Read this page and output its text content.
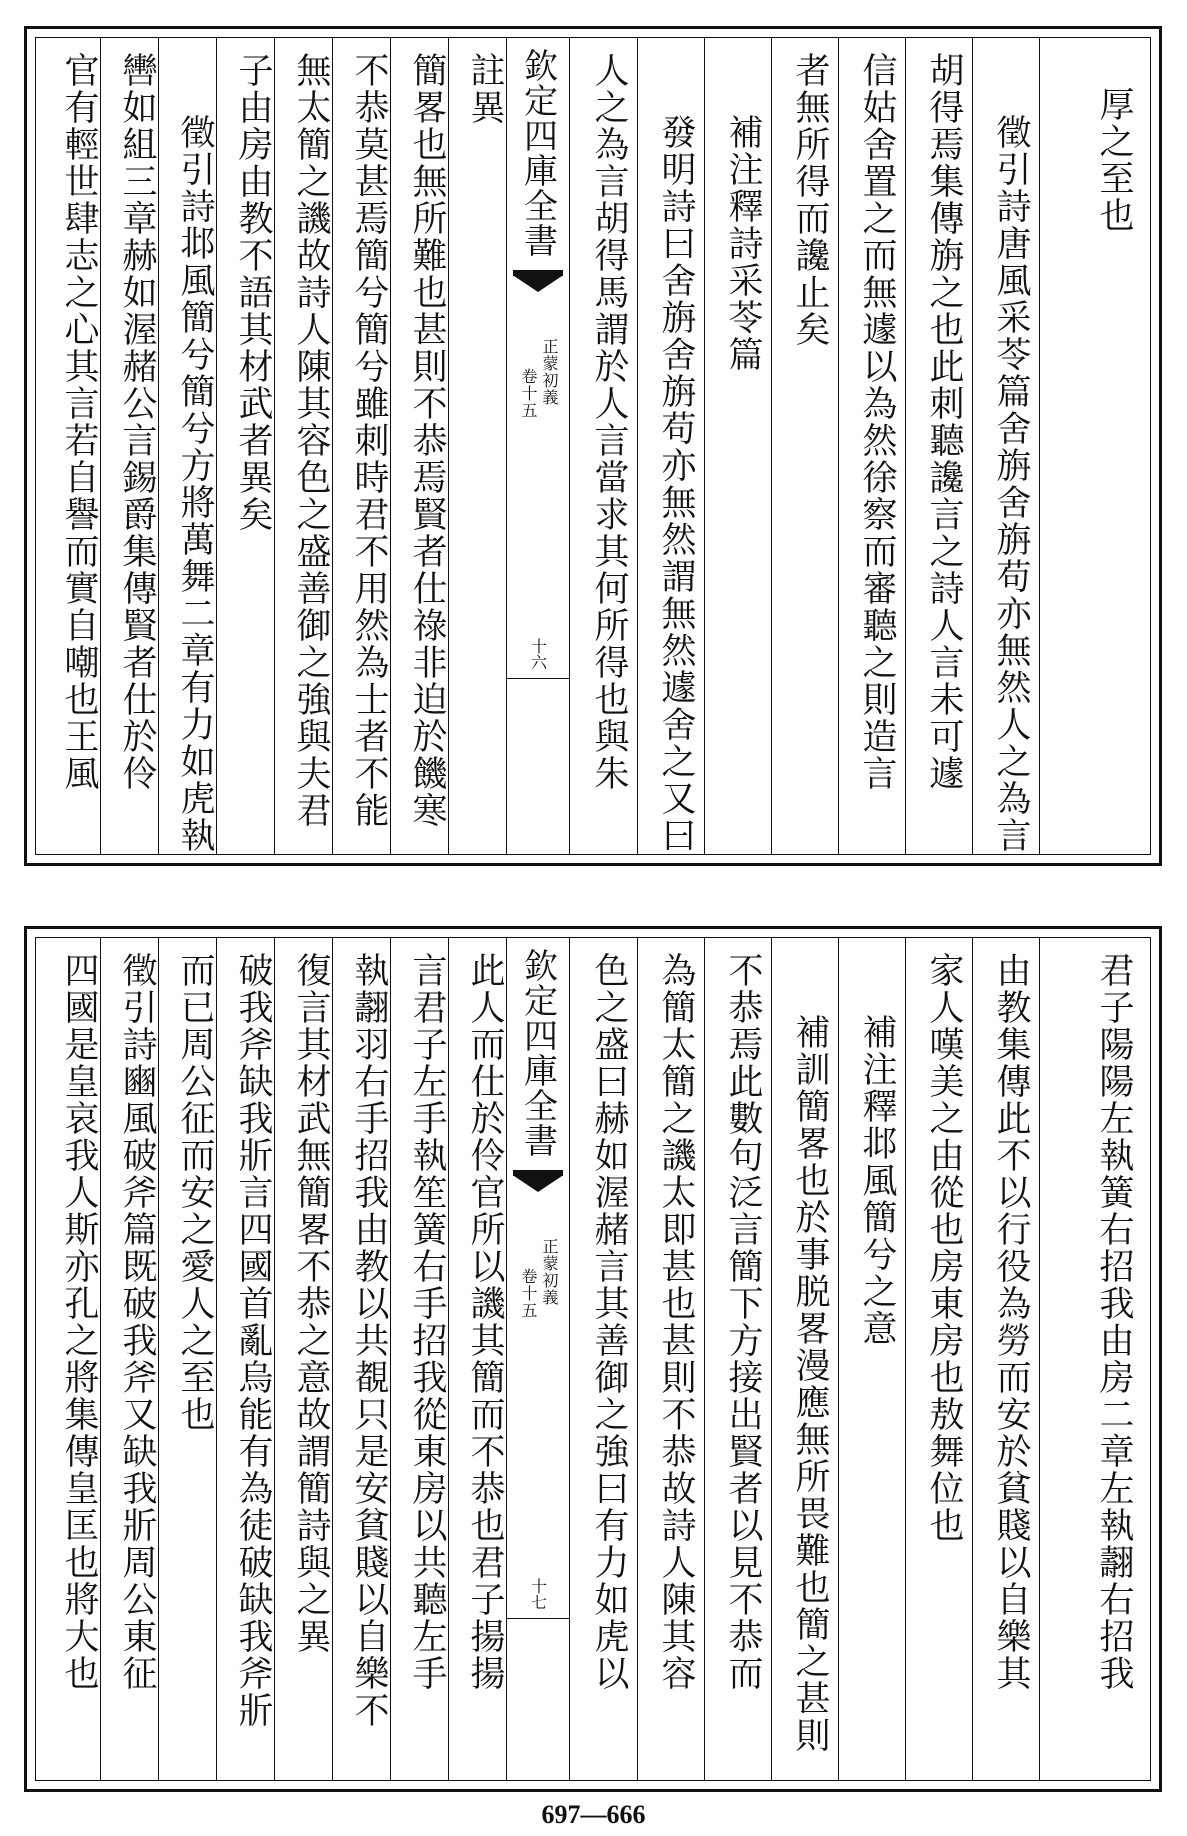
厚之至也
徵引詩唐風采苓篇舍旃舍旃苟亦無然人之為言
胡得焉集傳旃之也此刺聽讒言之詩人言未可遽
信姑舍置之而無遽以為然徐察而審聽之則造言
者無所得而讒止矣
補注釋詩采苓篇
發明詩曰舍旃舍旃苟亦無然謂無然遽舍之又曰
人之為言胡得馬謂於人言當求其何所得也與朱
欽定四庫全書
正蒙初義
卷十五
十六
註異
簡畧也無所難也甚則不恭焉賢者仕祿非迫於饑寒
不恭莫甚焉簡兮簡兮雖刺時君不用然為士者不能
無太簡之譏故詩人陳其容色之盛善御之強與夫君
子由房由教不語其材武者異矣
徵引詩邶風簡兮簡兮方將萬舞二章有力如虎執
轡如組三章赫如渥赭公言錫爵集傳賢者仕於伶
官有輕世肆志之心其言若自譽而實自嘲也王風
君子陽陽左執簧右招我由房二章左執翿右招我
由教集傳此不以行役為勞而安於貧賤以自樂其
家人嘆美之由從也房東房也敖舞位也
補注釋邶風簡兮之意
補訓簡畧也於事脱畧漫應無所畏難也簡之甚則
不恭焉此數句泛言簡下方接出賢者以見不恭而
為簡太簡之譏太即甚也甚則不恭故詩人陳其容
色之盛曰赫如渥赭言其善御之強曰有力如虎以
欽定四庫全書
正蒙初義
卷十五
十七
此人而仕於伶官所以譏其簡而不恭也君子揚揚
言君子左手執笙簧右手招我從東房以共聽左手
執翿羽右手招我由教以共覩只是安貧賤以自樂不
復言其材武無簡畧不恭之意故謂簡詩與之異
破我斧缺我斨言四國首亂烏能有為徒破缺我斧斨
而已周公征而安之愛人之至也
徵引詩豳風破斧篇既破我斧又缺我斨周公東征
四國是皇哀我人斯亦孔之將集傳皇匡也將大也
697—666
